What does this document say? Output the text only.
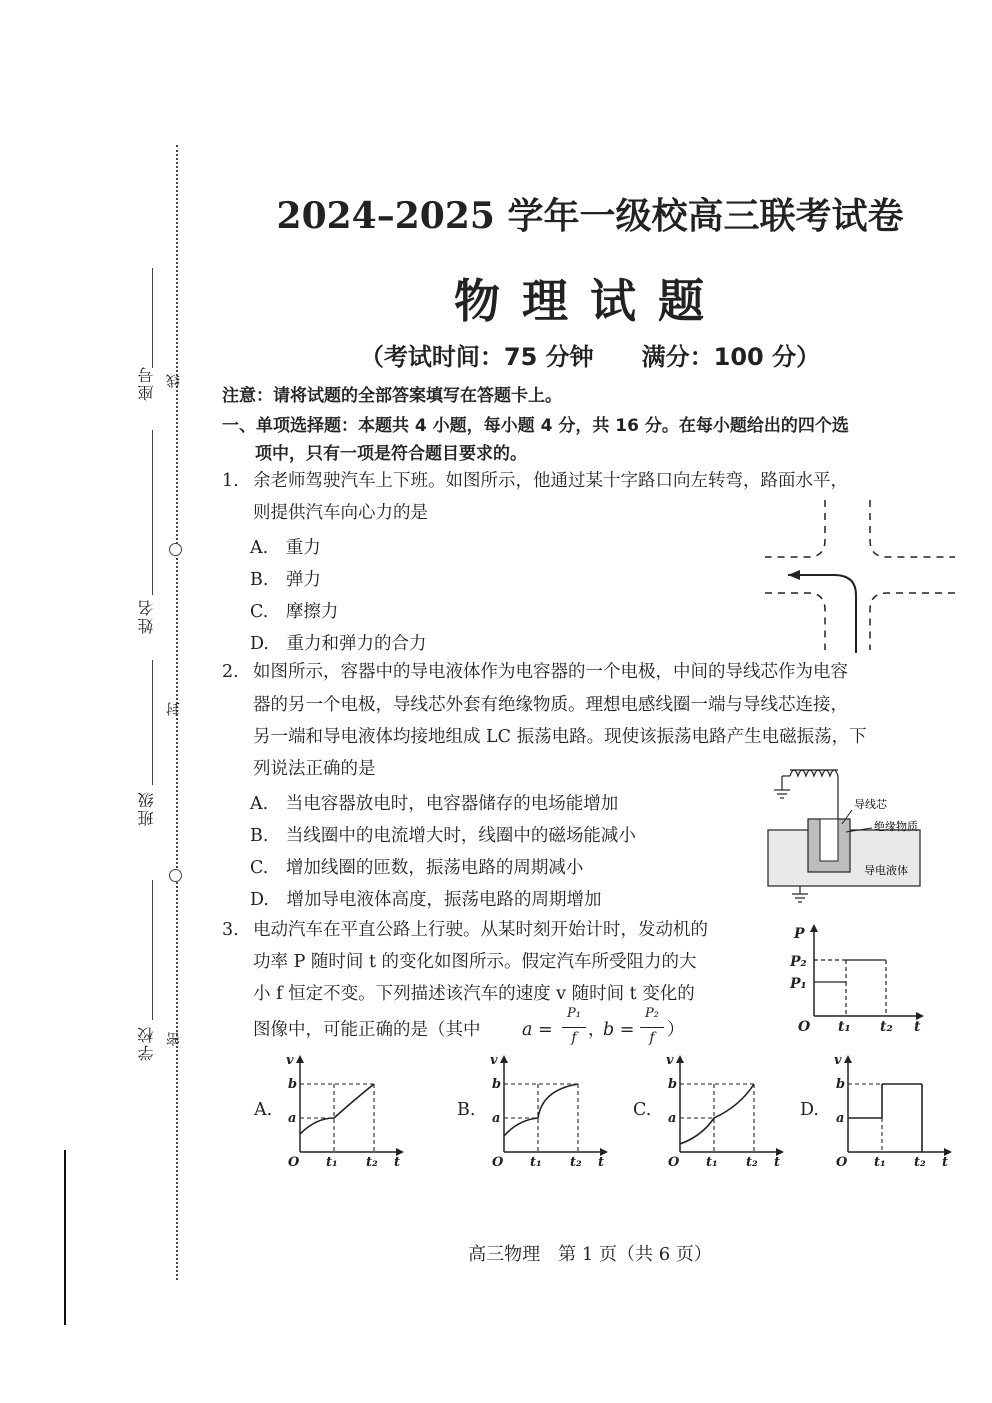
座号 线
姓名
封
班级
学校 密
2024–2025 学年一级校高三联考试卷
物理试题
（考试时间：75 分钟　　满分：100 分）
注意：请将试题的全部答案填写在答题卡上。
一、单项选择题：本题共 4 小题，每小题 4 分，共 16 分。在每小题给出的四个选
项中，只有一项是符合题目要求的。
1. 余老师驾驶汽车上下班。如图所示，他通过某十字路口向左转弯，路面水平，
则提供汽车向心力的是
A.　重力
B.　弹力
C.　摩擦力
D.　重力和弹力的合力
2. 如图所示，容器中的导电液体作为电容器的一个电极，中间的导线芯作为电容
器的另一个电极，导线芯外套有绝缘物质。理想电感线圈一端与导线芯连接，
另一端和导电液体均接地组成 LC 振荡电路。现使该振荡电路产生电磁振荡，下
列说法正确的是
A.　当电容器放电时，电容器储存的电场能增加
B.　当线圈中的电流增大时，线圈中的磁场能减小
C.　增加线圈的匝数，振荡电路的周期减小
D.　增加导电液体高度，振荡电路的周期增加
导线芯
绝缘物质
导电液体
3. 电动汽车在平直公路上行驶。从某时刻开始计时，发动机的
功率 P 随时间 t 的变化如图所示。假定汽车所受阻力的大
小 f 恒定不变。下列描述该汽车的速度 v 随时间 t 变化的
图像中，可能正确的是（其中 a =
P₁
f ，
b =
P₂
f ）
P
P₂
P₁
O t₁ t₂ t
A.	B.	C.	D.
v
b
a
O t₁ t₂ t
v
b
a
O t₁ t₂ t
v
b
a
O t₁ t₂ t
v
b
a
O t₁ t₂ t
高三物理　第 1 页（共 6 页）
